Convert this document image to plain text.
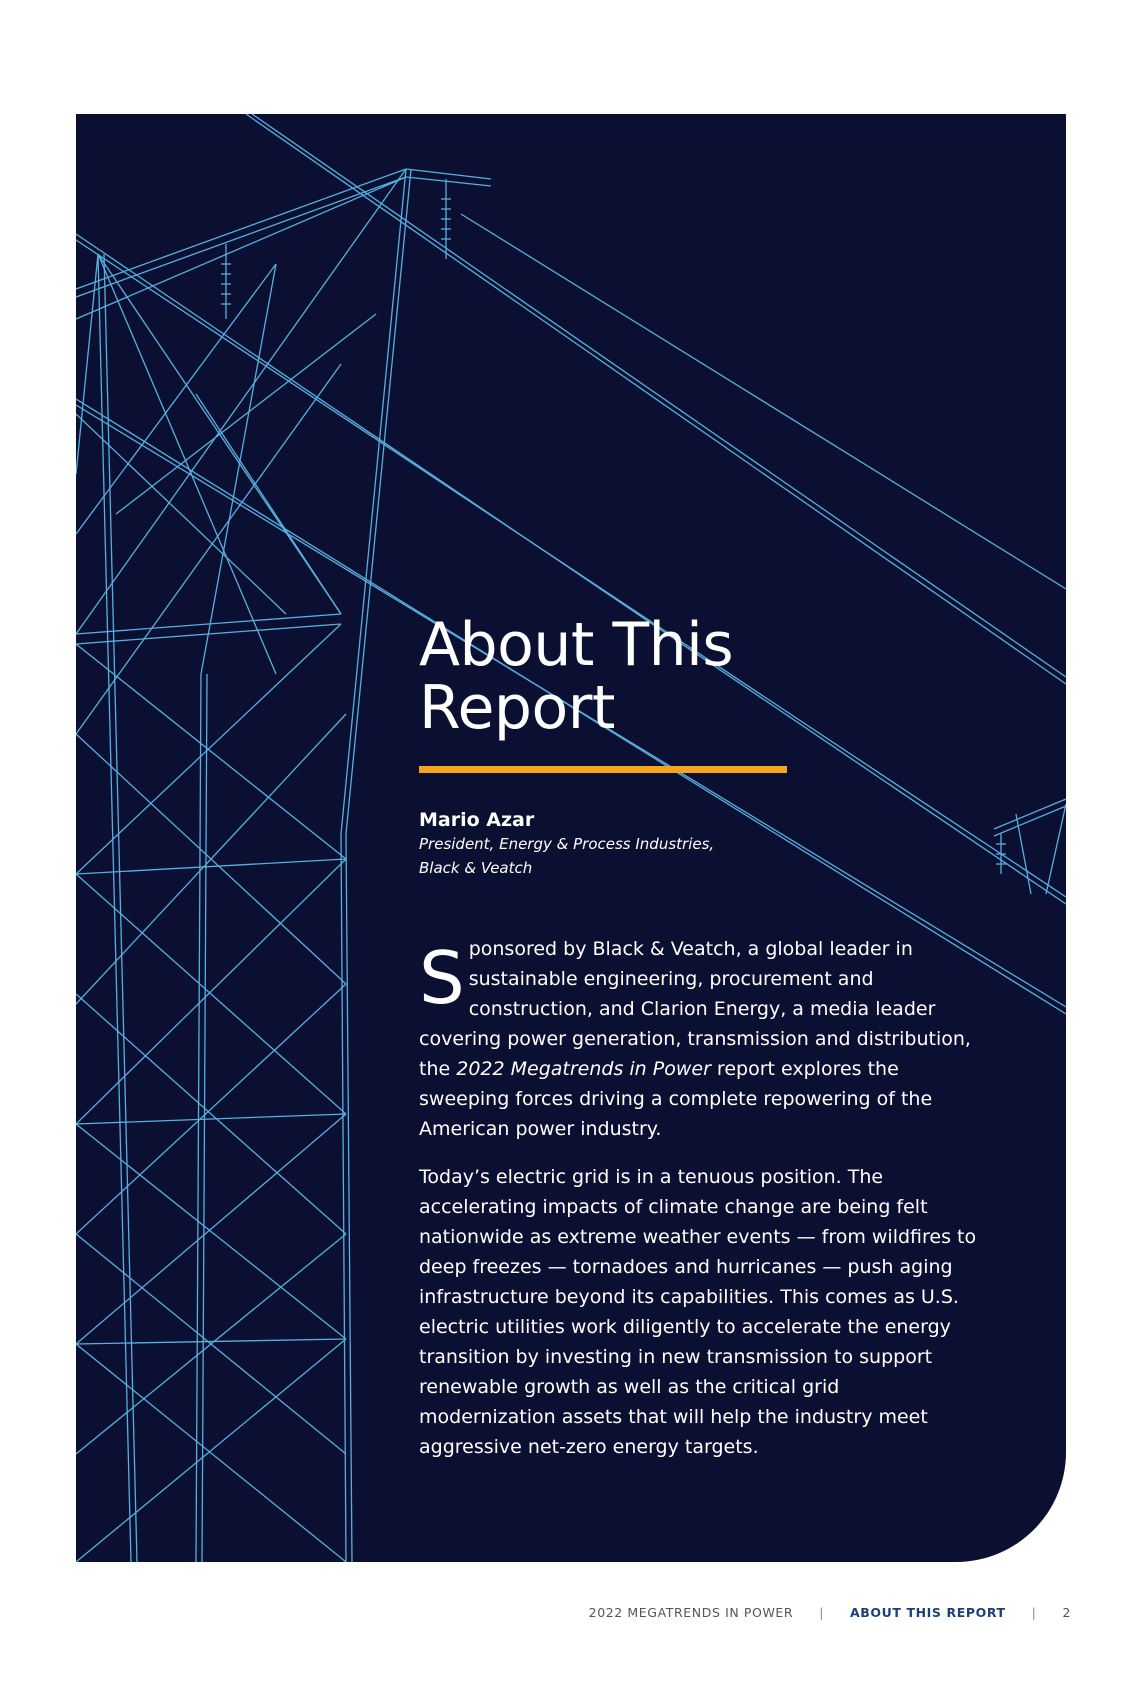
About This
Report
Mario Azar
President, Energy & Process Industries,
Black & Veatch

Sponsored by Black & Veatch, a global leader in sustainable engineering, procurement and construction, and Clarion Energy, a media leader covering power generation, transmission and distribution, the 2022 Megatrends in Power report explores the sweeping forces driving a complete repowering of the American power industry.

Today’s electric grid is in a tenuous position. The accelerating impacts of climate change are being felt nationwide as extreme weather events — from wildfires to deep freezes — tornadoes and hurricanes — push aging infrastructure beyond its capabilities. This comes as U.S. electric utilities work diligently to accelerate the energy transition by investing in new transmission to support renewable growth as well as the critical grid modernization assets that will help the industry meet aggressive net-zero energy targets.

2022 MEGATRENDS IN POWER | ABOUT THIS REPORT | 2
